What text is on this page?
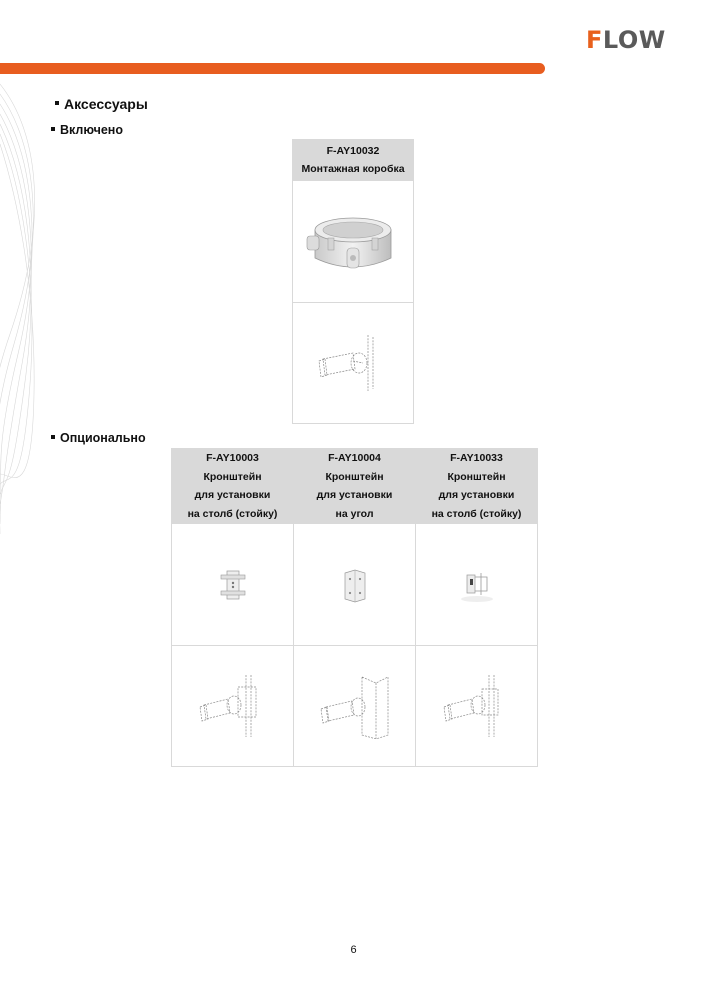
FLOW
Аксессуары
Включено
F-AY10032
Монтажная коробка

Опционально
F-AY10003
Кронштейн
для установки
на столб (стойку)	F-AY10004
Кронштейн
для установки
на угол	F-AY10033
Кронштейн
для установки
на столб (стойку)

6
